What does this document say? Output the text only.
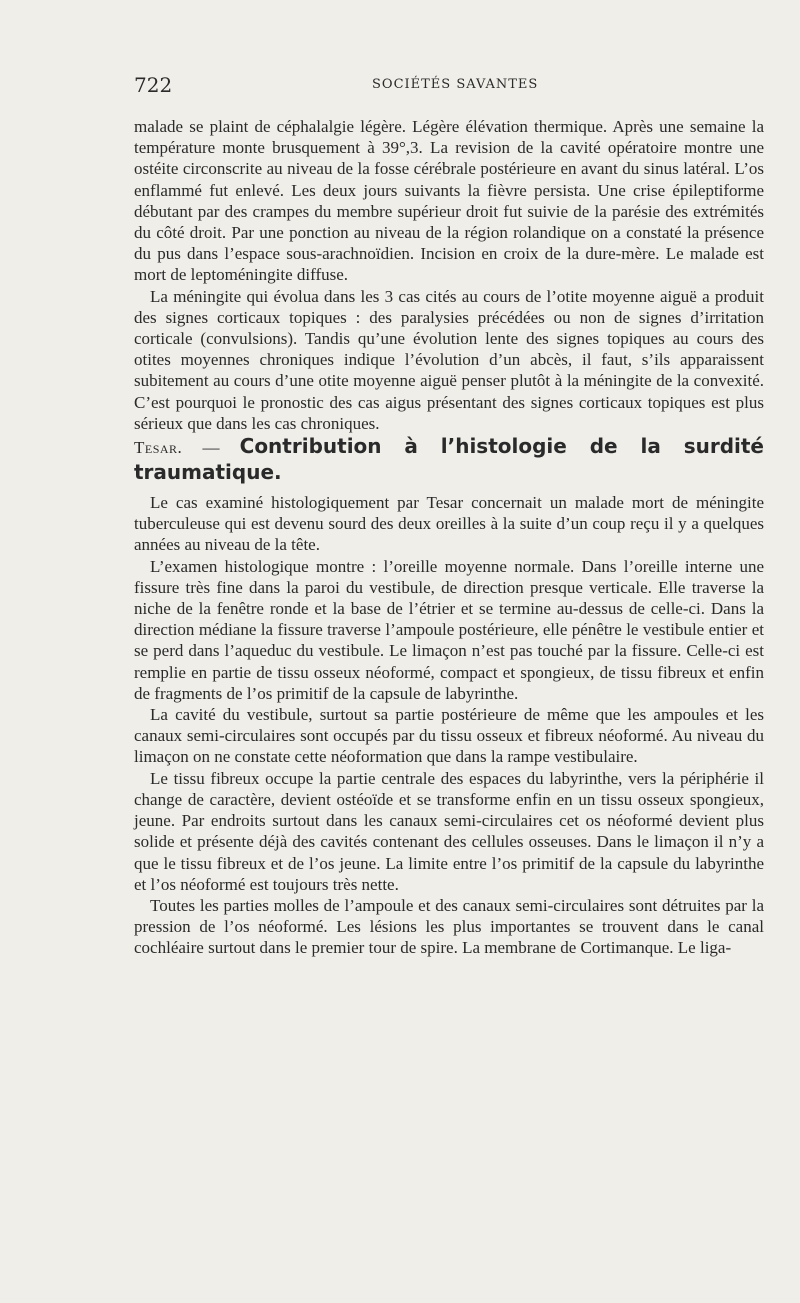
722	SOCIÉTÉS SAVANTES

malade se plaint de céphalalgie légère. Légère élévation thermique. Après une semaine la température monte brusquement à 39°,3. La revision de la cavité opératoire montre une ostéite circonscrite au niveau de la fosse cérébrale postérieure en avant du sinus latéral. L’os enflammé fut enlevé. Les deux jours suivants la fièvre persista. Une crise épileptiforme débutant par des crampes du membre supérieur droit fut suivie de la parésie des extrémités du côté droit. Par une ponction au niveau de la région rolandique on a constaté la présence du pus dans l’espace sous-arachnoïdien. Incision en croix de la dure-mère. Le malade est mort de leptoméningite diffuse.

La méningite qui évolua dans les 3 cas cités au cours de l’otite moyenne aiguë a produit des signes corticaux topiques : des paralysies précédées ou non de signes d’irritation corticale (convulsions). Tandis qu’une évolution lente des signes topiques au cours des otites moyennes chroniques indique l’évolution d’un abcès, il faut, s’ils apparaissent subitement au cours d’une otite moyenne aiguë penser plutôt à la méningite de la convexité. C’est pourquoi le pronostic des cas aigus présentant des signes corticaux topiques est plus sérieux que dans les cas chroniques.

Tesar. — Contribution à l’histologie de la surdité traumatique.

Le cas examiné histologiquement par Tesar concernait un malade mort de méningite tuberculeuse qui est devenu sourd des deux oreilles à la suite d’un coup reçu il y a quelques années au niveau de la tête.

L’examen histologique montre : l’oreille moyenne normale. Dans l’oreille interne une fissure très fine dans la paroi du vestibule, de direction presque verticale. Elle traverse la niche de la fenêtre ronde et la base de l’étrier et se termine au-dessus de celle-ci. Dans la direction médiane la fissure traverse l’ampoule postérieure, elle pénêtre le vestibule entier et se perd dans l’aqueduc du vestibule. Le limaçon n’est pas touché par la fissure. Celle-ci est remplie en partie de tissu osseux néoformé, compact et spongieux, de tissu fibreux et enfin de fragments de l’os primitif de la capsule de labyrinthe.

La cavité du vestibule, surtout sa partie postérieure de même que les ampoules et les canaux semi-circulaires sont occupés par du tissu osseux et fibreux néoformé. Au niveau du limaçon on ne constate cette néoformation que dans la rampe vestibulaire.

Le tissu fibreux occupe la partie centrale des espaces du labyrinthe, vers la périphérie il change de caractère, devient ostéoïde et se transforme enfin en un tissu osseux spongieux, jeune. Par endroits surtout dans les canaux semi-circulaires cet os néoformé devient plus solide et présente déjà des cavités contenant des cellules osseuses. Dans le limaçon il n’y a que le tissu fibreux et de l’os jeune. La limite entre l’os primitif de la capsule du labyrinthe et l’os néoformé est toujours très nette.

Toutes les parties molles de l’ampoule et des canaux semi-circulaires sont détruites par la pression de l’os néoformé. Les lésions les plus importantes se trouvent dans le canal cochléaire surtout dans le premier tour de spire. La membrane de Cortimanque. Le liga-
